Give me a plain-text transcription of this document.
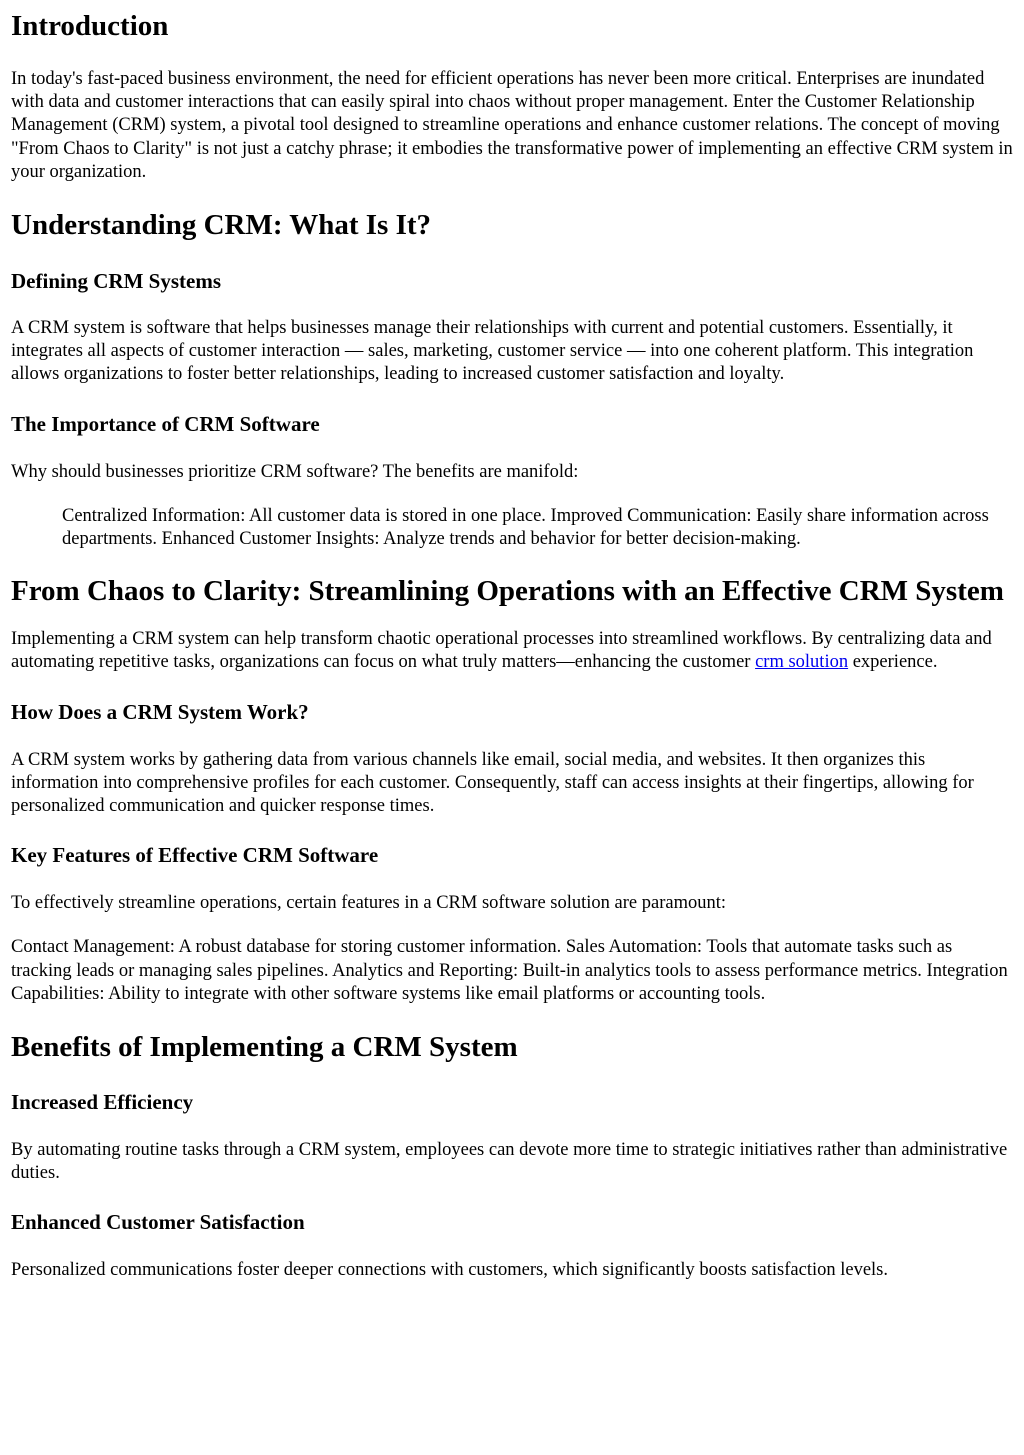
Introduction

In today's fast-paced business environment, the need for efficient operations has never been more critical. Enterprises are inundated with data and customer interactions that can easily spiral into chaos without proper management. Enter the Customer Relationship Management (CRM) system, a pivotal tool designed to streamline operations and enhance customer relations. The concept of moving "From Chaos to Clarity" is not just a catchy phrase; it embodies the transformative power of implementing an effective CRM system in your organization.

Understanding CRM: What Is It?
Defining CRM Systems

A CRM system is software that helps businesses manage their relationships with current and potential customers. Essentially, it integrates all aspects of customer interaction — sales, marketing, customer service — into one coherent platform. This integration allows organizations to foster better relationships, leading to increased customer satisfaction and loyalty.

The Importance of CRM Software

Why should businesses prioritize CRM software? The benefits are manifold:

Centralized Information: All customer data is stored in one place. Improved Communication: Easily share information across departments. Enhanced Customer Insights: Analyze trends and behavior for better decision-making.

From Chaos to Clarity: Streamlining Operations with an Effective CRM System

Implementing a CRM system can help transform chaotic operational processes into streamlined workflows. By centralizing data and automating repetitive tasks, organizations can focus on what truly matters—enhancing the customer crm solution experience.

How Does a CRM System Work?

A CRM system works by gathering data from various channels like email, social media, and websites. It then organizes this information into comprehensive profiles for each customer. Consequently, staff can access insights at their fingertips, allowing for personalized communication and quicker response times.

Key Features of Effective CRM Software

To effectively streamline operations, certain features in a CRM software solution are paramount:

Contact Management: A robust database for storing customer information. Sales Automation: Tools that automate tasks such as tracking leads or managing sales pipelines. Analytics and Reporting: Built-in analytics tools to assess performance metrics. Integration Capabilities: Ability to integrate with other software systems like email platforms or accounting tools.

Benefits of Implementing a CRM System
Increased Efficiency

By automating routine tasks through a CRM system, employees can devote more time to strategic initiatives rather than administrative duties.

Enhanced Customer Satisfaction

Personalized communications foster deeper connections with customers, which significantly boosts satisfaction levels.
